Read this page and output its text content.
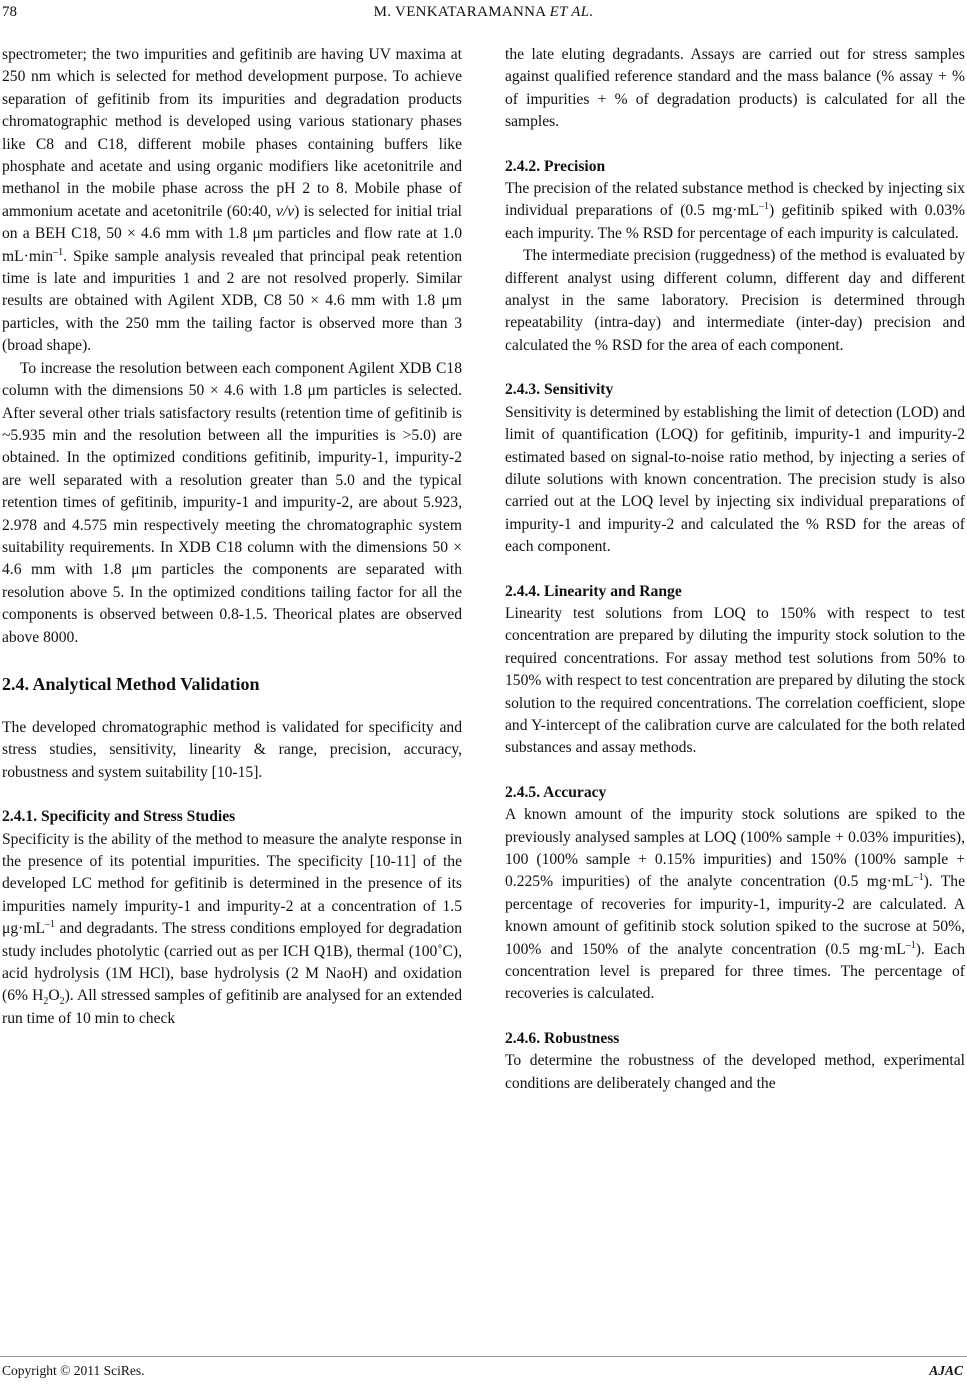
78	M. VENKATARAMANNA ET AL.

spectrometer; the two impurities and gefitinib are having UV maxima at 250 nm which is selected for method development purpose. To achieve separation of gefitinib from its impurities and degradation products chromatographic method is developed using various stationary phases like C8 and C18, different mobile phases containing buffers like phosphate and acetate and using organic modifiers like acetonitrile and methanol in the mobile phase across the pH 2 to 8. Mobile phase of ammonium acetate and acetonitrile (60:40, v/v) is selected for initial trial on a BEH C18, 50 × 4.6 mm with 1.8 μm particles and flow rate at 1.0 $mL\cdot\min^{-1}$. Spike sample analysis revealed that principal peak retention time is late and impurities 1 and 2 are not resolved properly. Similar results are obtained with Agilent XDB, C8 50 × 4.6 mm with 1.8 μm particles, with the 250 mm the tailing factor is observed more than 3 (broad shape).

To increase the resolution between each component Agilent XDB C18 column with the dimensions 50 × 4.6 with 1.8 μm particles is selected. After several other trials satisfactory results (retention time of gefitinib is ~5.935 min and the resolution between all the impurities is >5.0) are obtained. In the optimized conditions gefitinib, impurity-1, impurity-2 are well separated with a resolution greater than 5.0 and the typical retention times of gefitinib, impurity-1 and impurity-2, are about 5.923, 2.978 and 4.575 min respectively meeting the chromatographic system suitability requirements. In XDB C18 column with the dimensions 50 × 4.6 mm with 1.8 μm particles the components are separated with resolution above 5. In the optimized conditions tailing factor for all the components is observed between 0.8-1.5. Theorical plates are observed above 8000.

2.4. Analytical Method Validation

The developed chromatographic method is validated for specificity and stress studies, sensitivity, linearity & range, precision, accuracy, robustness and system suitability [10-15].

2.4.1. Specificity and Stress Studies

Specificity is the ability of the method to measure the analyte response in the presence of its potential impurities. The specificity [10-11] of the developed LC method for gefitinib is determined in the presence of its impurities namely impurity-1 and impurity-2 at a concentration of 1.5 $\mu g\cdot mL^{-1}$ and degradants. The stress conditions employed for degradation study includes photolytic (carried out as per ICH Q1B), thermal (100˚C), acid hydrolysis (1M HCl), base hydrolysis (2 M NaoH) and oxidation (6% $H_2O_2$). All stressed samples of gefitinib are analysed for an extended run time of 10 min to check

the late eluting degradants. Assays are carried out for stress samples against qualified reference standard and the mass balance (% assay + % of impurities + % of degradation products) is calculated for all the samples.

2.4.2. Precision

The precision of the related substance method is checked by injecting six individual preparations of (0.5 $mg\cdot mL^{-1}$) gefitinib spiked with 0.03% each impurity. The % RSD for percentage of each impurity is calculated.

The intermediate precision (ruggedness) of the method is evaluated by different analyst using different column, different day and different analyst in the same laboratory. Precision is determined through repeatability (intra-day) and intermediate (inter-day) precision and calculated the % RSD for the area of each component.

2.4.3. Sensitivity

Sensitivity is determined by establishing the limit of detection (LOD) and limit of quantification (LOQ) for gefitinib, impurity-1 and impurity-2 estimated based on signal-to-noise ratio method, by injecting a series of dilute solutions with known concentration. The precision study is also carried out at the LOQ level by injecting six individual preparations of impurity-1 and impurity-2 and calculated the % RSD for the areas of each component.

2.4.4. Linearity and Range

Linearity test solutions from LOQ to 150% with respect to test concentration are prepared by diluting the impurity stock solution to the required concentrations. For assay method test solutions from 50% to 150% with respect to test concentration are prepared by diluting the stock solution to the required concentrations. The correlation coefficient, slope and Y-intercept of the calibration curve are calculated for the both related substances and assay methods.

2.4.5. Accuracy

A known amount of the impurity stock solutions are spiked to the previously analysed samples at LOQ (100% sample + 0.03% impurities), 100 (100% sample + 0.15% impurities) and 150% (100% sample + 0.225% impurities) of the analyte concentration (0.5 $mg\cdot mL^{-1}$). The percentage of recoveries for impurity-1, impurity-2 are calculated. A known amount of gefitinib stock solution spiked to the sucrose at 50%, 100% and 150% of the analyte concentration (0.5 $mg\cdot mL^{-1}$). Each concentration level is prepared for three times. The percentage of recoveries is calculated.

2.4.6. Robustness

To determine the robustness of the developed method, experimental conditions are deliberately changed and the

Copyright © 2011 SciRes.	AJAC
